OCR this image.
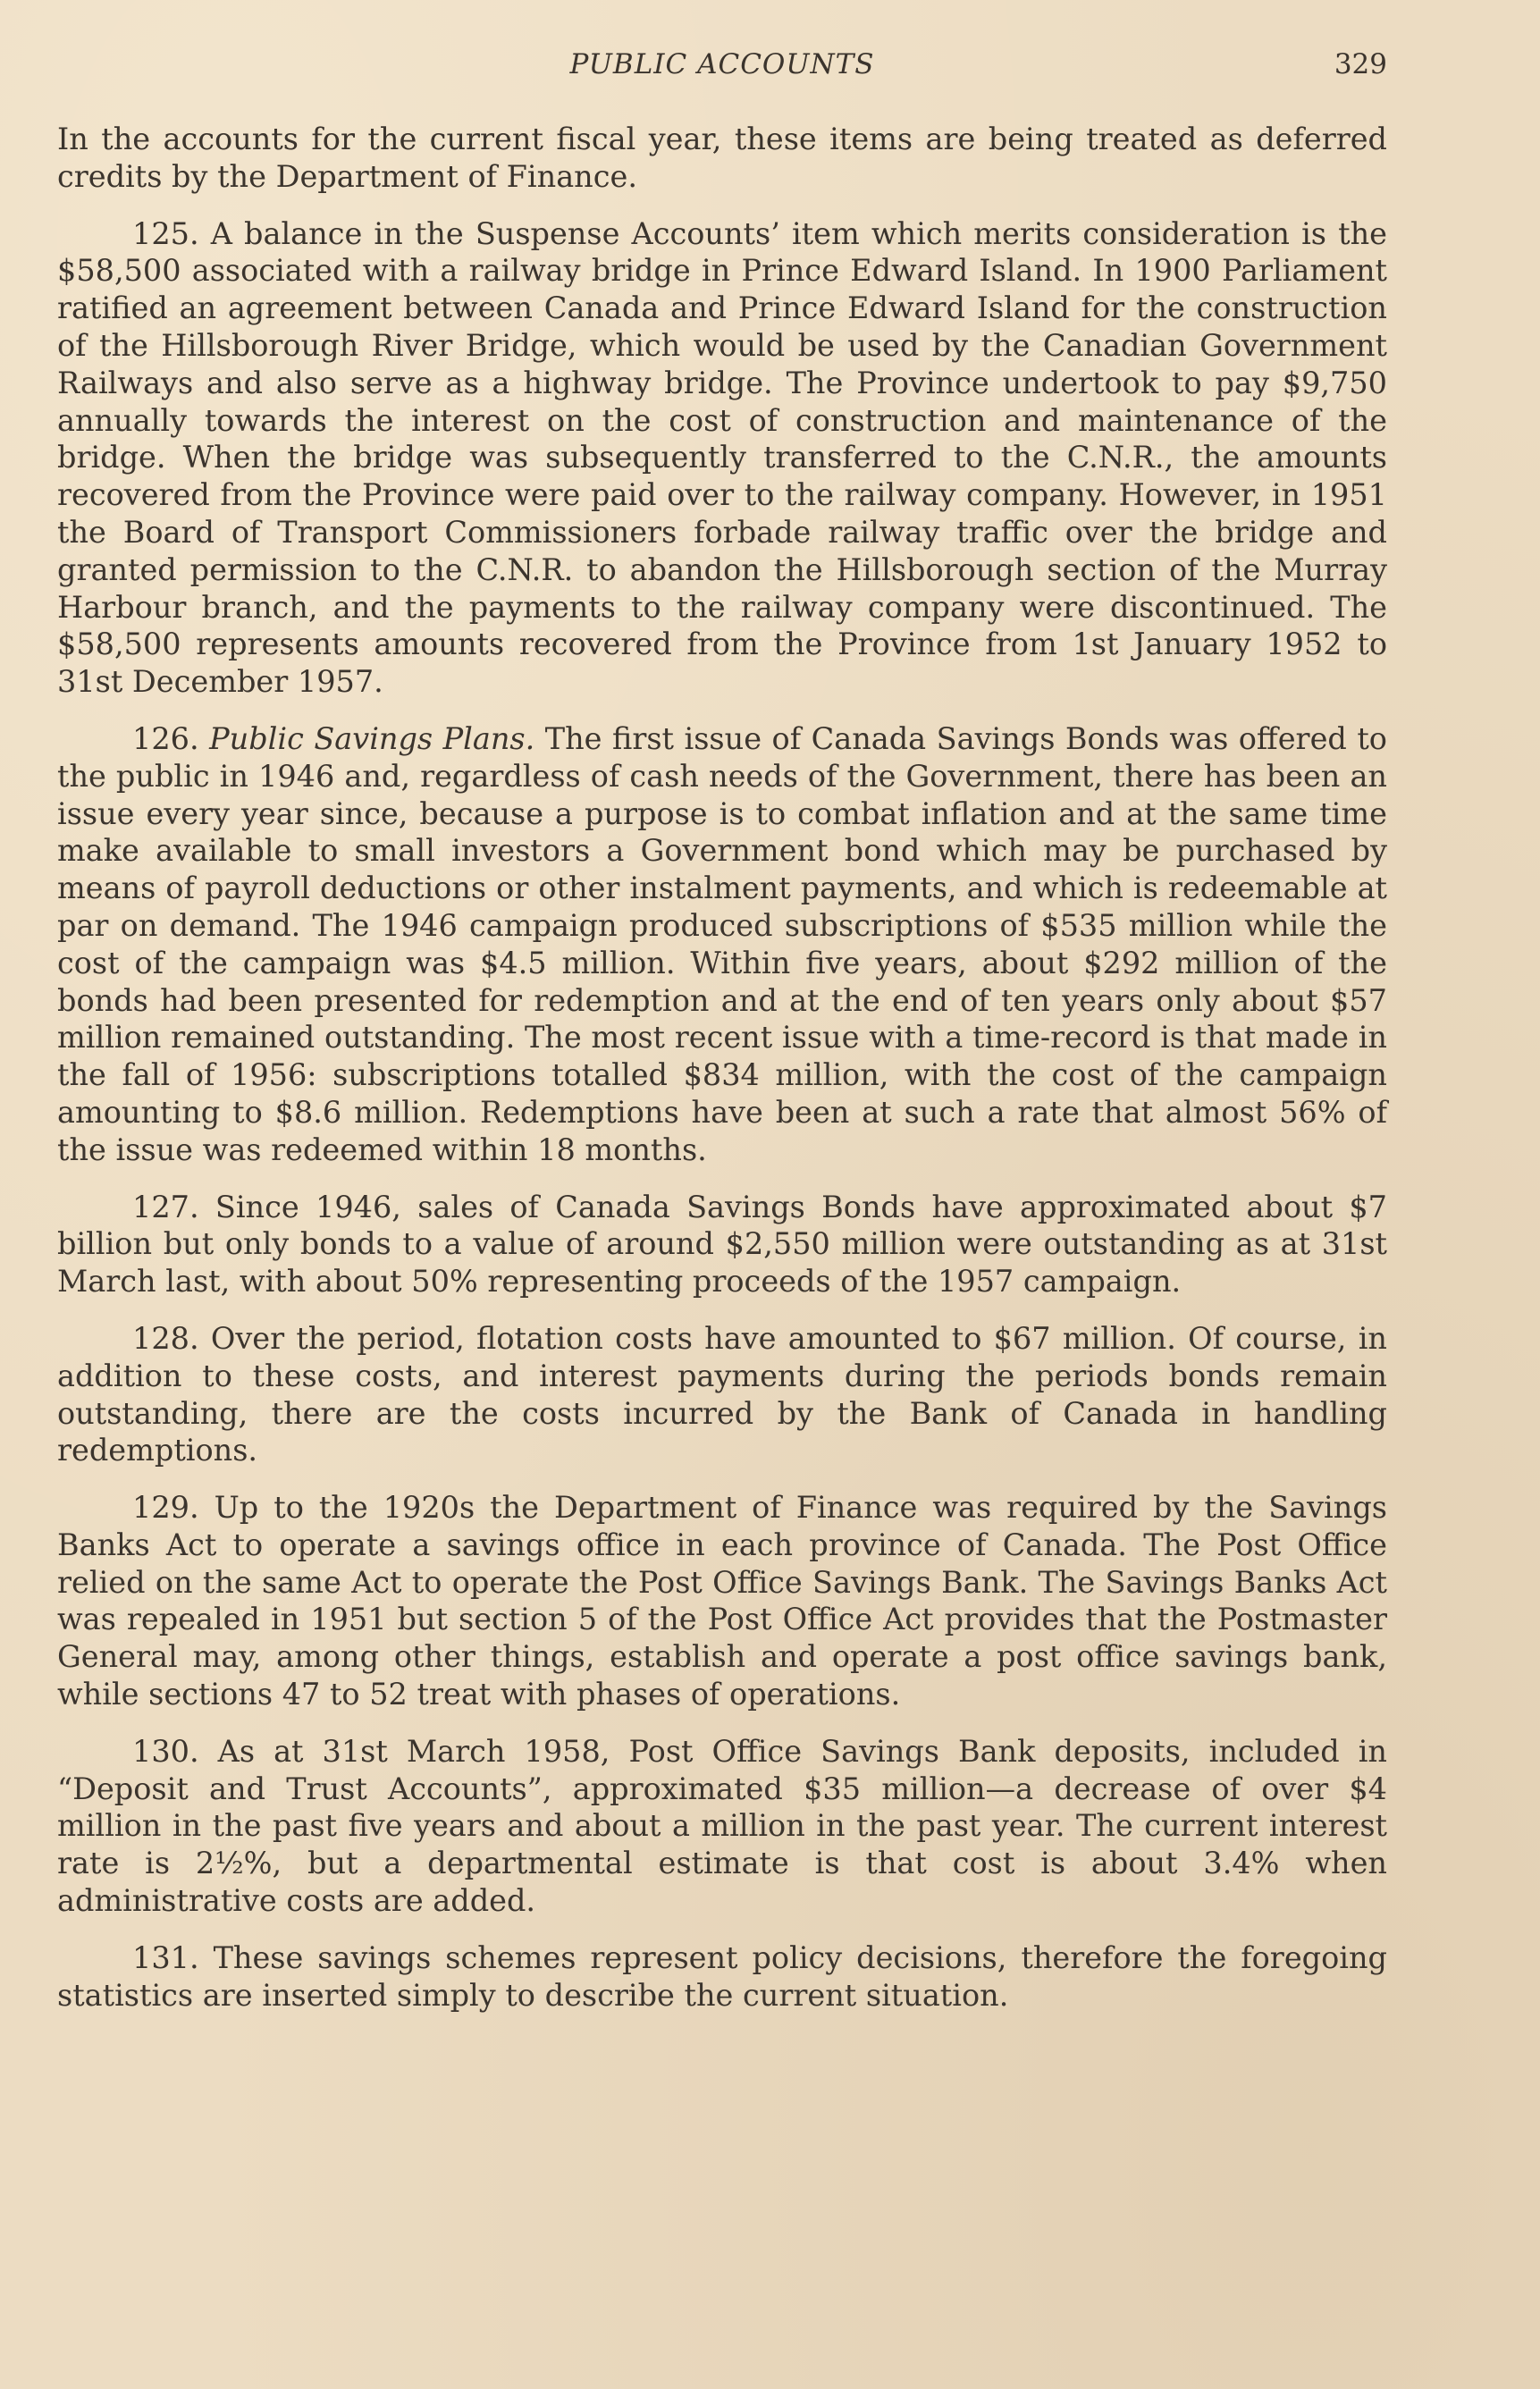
PUBLIC ACCOUNTS	329

In the accounts for the current fiscal year, these items are being treated as deferred credits by the Department of Finance.

125. A balance in the Suspense Accounts’ item which merits consideration is the $58,500 associated with a railway bridge in Prince Edward Island. In 1900 Parliament ratified an agreement between Canada and Prince Edward Island for the construction of the Hillsborough River Bridge, which would be used by the Canadian Government Railways and also serve as a highway bridge. The Province undertook to pay $9,750 annually towards the interest on the cost of construction and maintenance of the bridge. When the bridge was subsequently transferred to the C.N.R., the amounts recovered from the Province were paid over to the railway company. However, in 1951 the Board of Transport Commissioners forbade railway traffic over the bridge and granted permission to the C.N.R. to abandon the Hillsborough section of the Murray Harbour branch, and the payments to the railway company were discontinued. The $58,500 represents amounts recovered from the Province from 1st January 1952 to 31st December 1957.

126. Public Savings Plans. The first issue of Canada Savings Bonds was offered to the public in 1946 and, regardless of cash needs of the Government, there has been an issue every year since, because a purpose is to combat inflation and at the same time make available to small investors a Government bond which may be purchased by means of payroll deductions or other instalment payments, and which is redeemable at par on demand. The 1946 campaign produced subscriptions of $535 million while the cost of the campaign was $4.5 million. Within five years, about $292 million of the bonds had been presented for redemption and at the end of ten years only about $57 million remained outstanding. The most recent issue with a time-record is that made in the fall of 1956: subscriptions totalled $834 million, with the cost of the campaign amounting to $8.6 million. Redemptions have been at such a rate that almost 56% of the issue was redeemed within 18 months.

127. Since 1946, sales of Canada Savings Bonds have approximated about $7 billion but only bonds to a value of around $2,550 million were outstanding as at 31st March last, with about 50% representing proceeds of the 1957 campaign.

128. Over the period, flotation costs have amounted to $67 million. Of course, in addition to these costs, and interest payments during the periods bonds remain outstanding, there are the costs incurred by the Bank of Canada in handling redemptions.

129. Up to the 1920s the Department of Finance was required by the Savings Banks Act to operate a savings office in each province of Canada. The Post Office relied on the same Act to operate the Post Office Savings Bank. The Savings Banks Act was repealed in 1951 but section 5 of the Post Office Act provides that the Postmaster General may, among other things, establish and operate a post office savings bank, while sections 47 to 52 treat with phases of operations.

130. As at 31st March 1958, Post Office Savings Bank deposits, included in “Deposit and Trust Accounts”, approximated $35 million—a decrease of over $4 million in the past five years and about a million in the past year. The current interest rate is 2½%, but a departmental estimate is that cost is about 3.4% when administrative costs are added.

131. These savings schemes represent policy decisions, therefore the foregoing statistics are inserted simply to describe the current situation.
